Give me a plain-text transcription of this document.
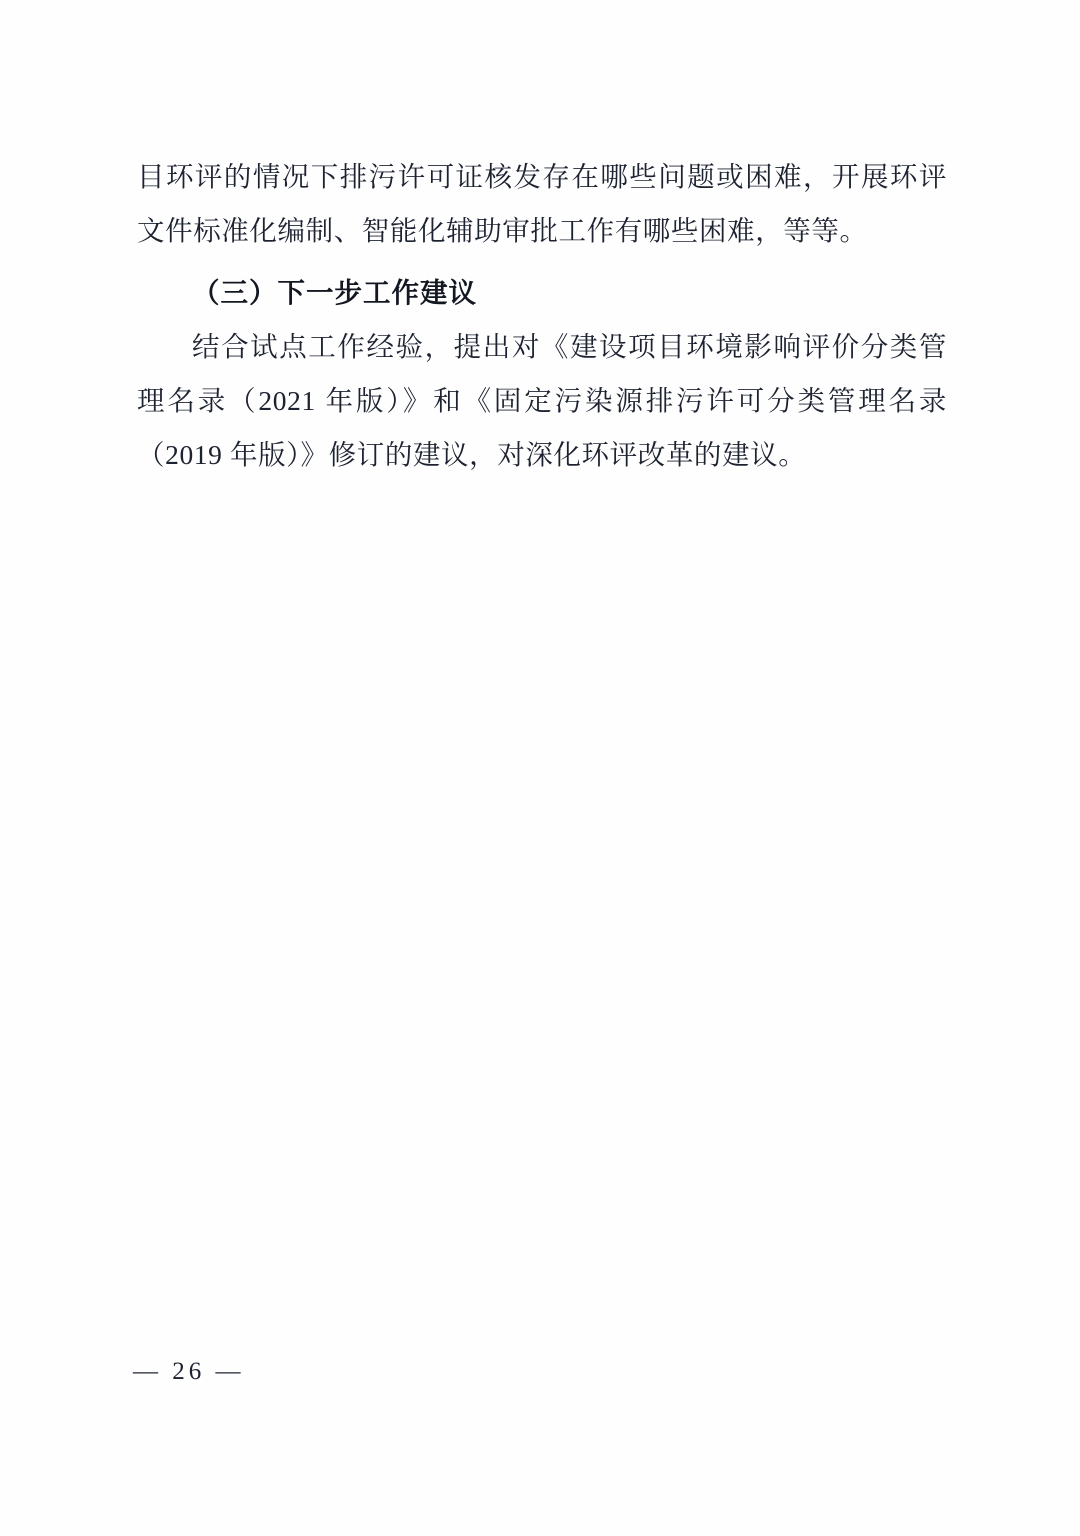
目环评的情况下排污许可证核发存在哪些问题或困难，开展环评文件标准化编制、智能化辅助审批工作有哪些困难，等等。

（三）下一步工作建议

结合试点工作经验，提出对《建设项目环境影响评价分类管理名录（2021 年版）》和《固定污染源排污许可分类管理名录（2019 年版）》修订的建议，对深化环评改革的建议。

— 26 —
